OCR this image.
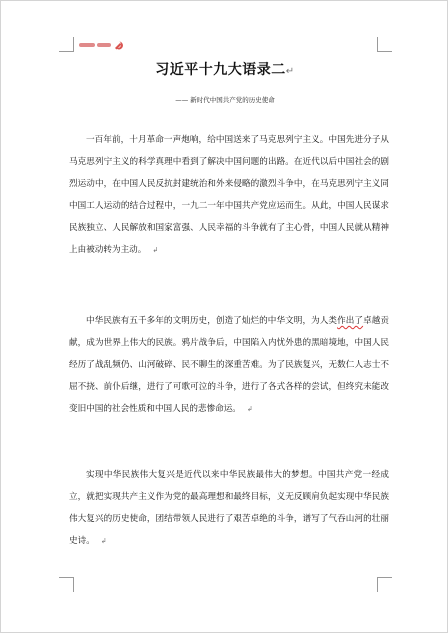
习近平十九大语录二↵
—— 新时代中国共产党的历史使命

一百年前，十月革命一声炮响，给中国送来了马克思列宁主义。中国先进分子从马克思列宁主义的科学真理中看到了解决中国问题的出路。在近代以后中国社会的剧烈运动中，在中国人民反抗封建统治和外来侵略的激烈斗争中，在马克思列宁主义同中国工人运动的结合过程中，一九二一年中国共产党应运而生。从此，中国人民谋求民族独立、人民解放和国家富强、人民幸福的斗争就有了主心骨，中国人民就从精神上由被动转为主动。 ↲

中华民族有五千多年的文明历史，创造了灿烂的中华文明，为人类作出了卓越贡献，成为世界上伟大的民族。鸦片战争后，中国陷入内忧外患的黑暗境地，中国人民经历了战乱频仍、山河破碎、民不聊生的深重苦难。为了民族复兴，无数仁人志士不屈不挠、前仆后继，进行了可歌可泣的斗争，进行了各式各样的尝试，但终究未能改变旧中国的社会性质和中国人民的悲惨命运。 ↲

实现中华民族伟大复兴是近代以来中华民族最伟大的梦想。中国共产党一经成立，就把实现共产主义作为党的最高理想和最终目标，义无反顾肩负起实现中华民族伟大复兴的历史使命，团结带领人民进行了艰苦卓绝的斗争，谱写了气吞山河的壮丽史诗。 ↲
